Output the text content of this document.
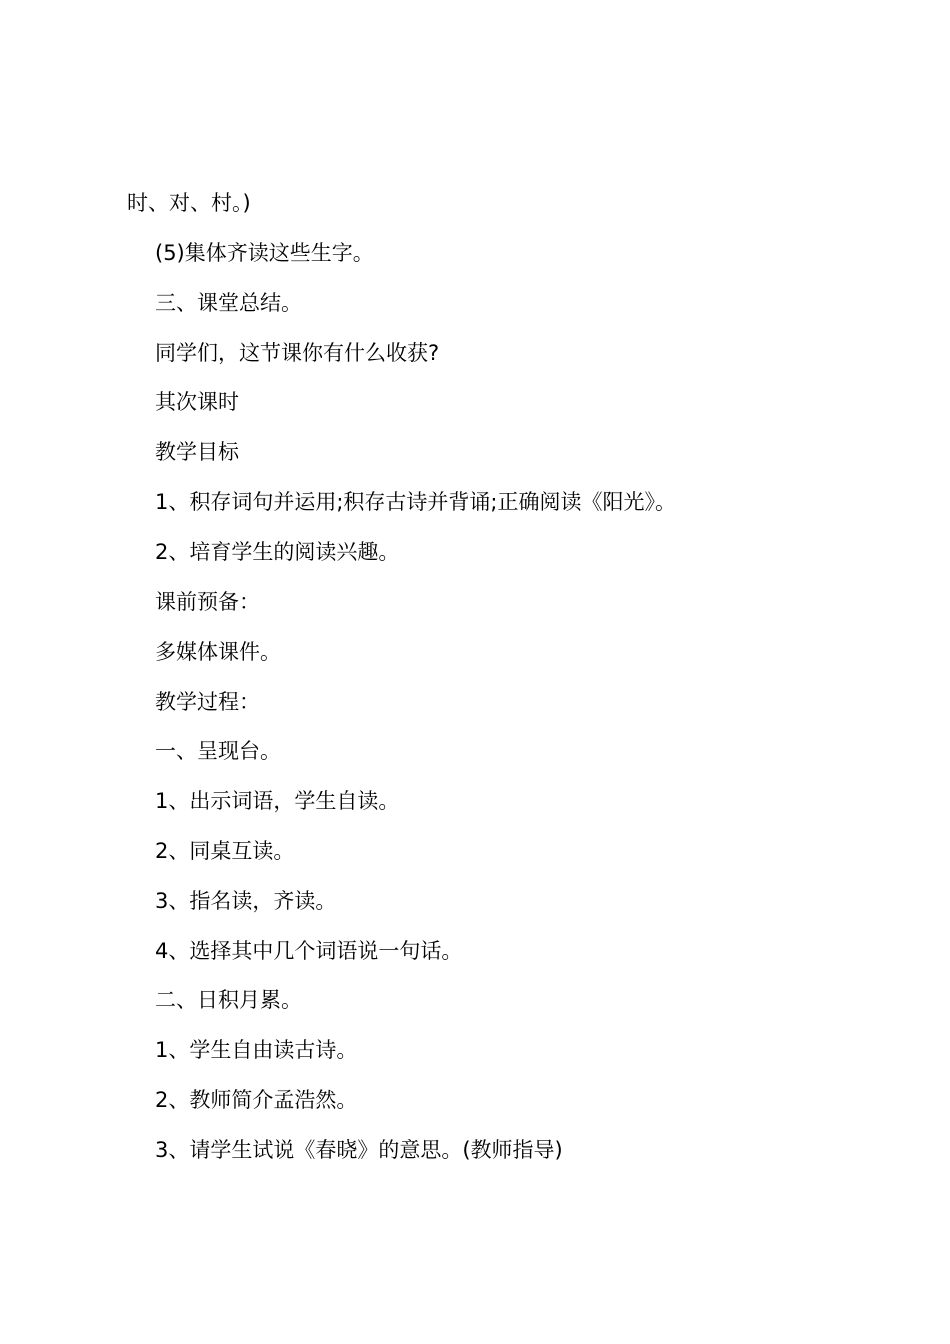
时、对、村。)
(5)集体齐读这些生字。
三、课堂总结。
同学们，这节课你有什么收获?
其次课时
教学目标
1、积存词句并运用;积存古诗并背诵;正确阅读《阳光》。
2、培育学生的阅读兴趣。
课前预备：
多媒体课件。
教学过程：
一、呈现台。
1、出示词语，学生自读。
2、同桌互读。
3、指名读，齐读。
4、选择其中几个词语说一句话。
二、日积月累。
1、学生自由读古诗。
2、教师简介孟浩然。
3、请学生试说《春晓》的意思。(教师指导)
